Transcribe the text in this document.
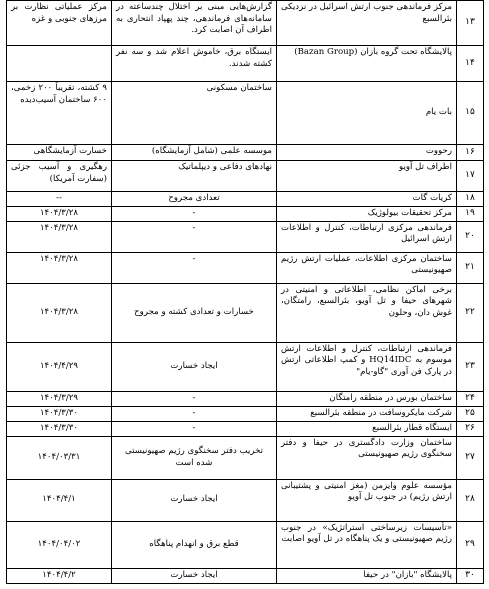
۱۳	مرکز فرماندهی جنوب ارتش اسرائیل در نزدیکی بئرالسبع	گزارش‌هایی مبنی بر اختلال چندساعته در سامانه‌های فرماندهی، چند پهپاد انتحاری به اطراف آن اصابت کرد.	مرکز عملیاتی نظارت بر مرزهای جنوبی و غزه
۱۴	پالایشگاه تحت گروه بازان (Bazan Group)	ایستگاه برق، خاموش اعلام شد و سه نفر کشته شدند.	
۱۵	بات یام	ساختمان مسکونی	۹ کشته، تقریباً ۲۰۰ زخمی، ۶۰۰ ساختمان آسیب‌دیده
۱۶	رحووت	موسسه علمی (شامل آزمایشگاه)	خسارت آزمایشگاهی
۱۷	اطراف تل آویو	نهادهای دفاعی و دیپلماتیک	رهگیری و آسیب جزئی (سفارت آمریکا)
۱۸	کریات گات	تعدادی مجروح	--
۱۹	مرکز تحقیقات بیولوژیک	-	۱۴۰۴/۳/۲۸
۲۰	فرماندهی مرکزی ارتباطات، کنترل و اطلاعات ارتش اسرائیل	-	۱۴۰۴/۳/۲۸
۲۱	ساختمان مرکزی اطلاعات، عملیات ارتش رژیم صهیونیستی	-	۱۴۰۴/۳/۲۸
۲۲	برخی اماکن نظامی، اطلاعاتی و امنیتی در شهرهای حیفا و تل آویو، بئرالسبع، رامتگان، غوش دان، وحلون	خسارات و تعدادی کشته و مجروح	۱۴۰۴/۳/۲۸
۲۳	فرماندهی ارتباطات، کنترل و اطلاعات ارتش موسوم به HQ14IDC و کمپ اطلاعاتی ارتش در پارک فن آوری "گاو-یام"	ایجاد خسارت	۱۴۰۴/۴/۲۹
۲۴	ساختمان بورس در منطقه رامتگان	-	۱۴۰۴/۳/۲۹
۲۵	شرکت مایکروسافت در منطقه بئرالسبع	-	۱۴۰۴/۳/۳۰
۲۶	ایستگاه قطار بئرالسبع	-	۱۴۰۴/۳/۳۰
۲۷	ساختمان وزارت دادگستری در حیفا و دفتر سخنگوی رژیم صهیونیستی	تخریب دفتر سخنگوی رژیم صهیونیستی شده است	۱۴۰۴/۰۳/۳۱
۲۸	مؤسسه علوم وایزمن (مغز امنیتی و پشتیبانی ارتش رژیم) در جنوب تل آویو	ایجاد خسارت	۱۴۰۴/۴/۱
۲۹	«تأسیسات زیرساختی استراتژیک» در جنوب رژیم صهیونیستی و یک پناهگاه در تل آویو اصابت	قطع برق و انهدام پناهگاه	۱۴۰۴/۰۴/۰۲
۳۰	پالایشگاه "بازان" در حیفا	ایجاد خسارت	۱۴۰۴/۴/۲
